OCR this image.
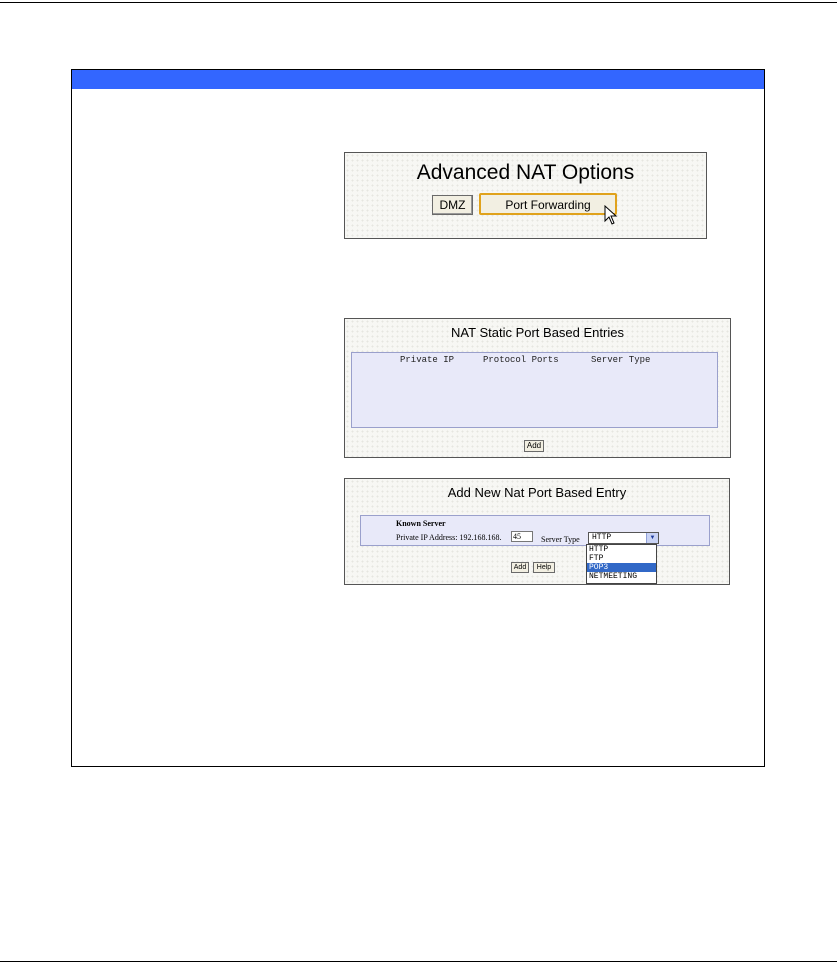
Advanced NAT Options
DMZ	Port Forwarding
NAT Static Port Based Entries
Private IP	Protocol Ports	Server Type
Add
Add New Nat Port Based Entry
Known Server
Private IP Address: 192.168.168. 45	Server Type HTTP	▼
Add	Help
HTTP
FTP
POP3
NETMEETING
